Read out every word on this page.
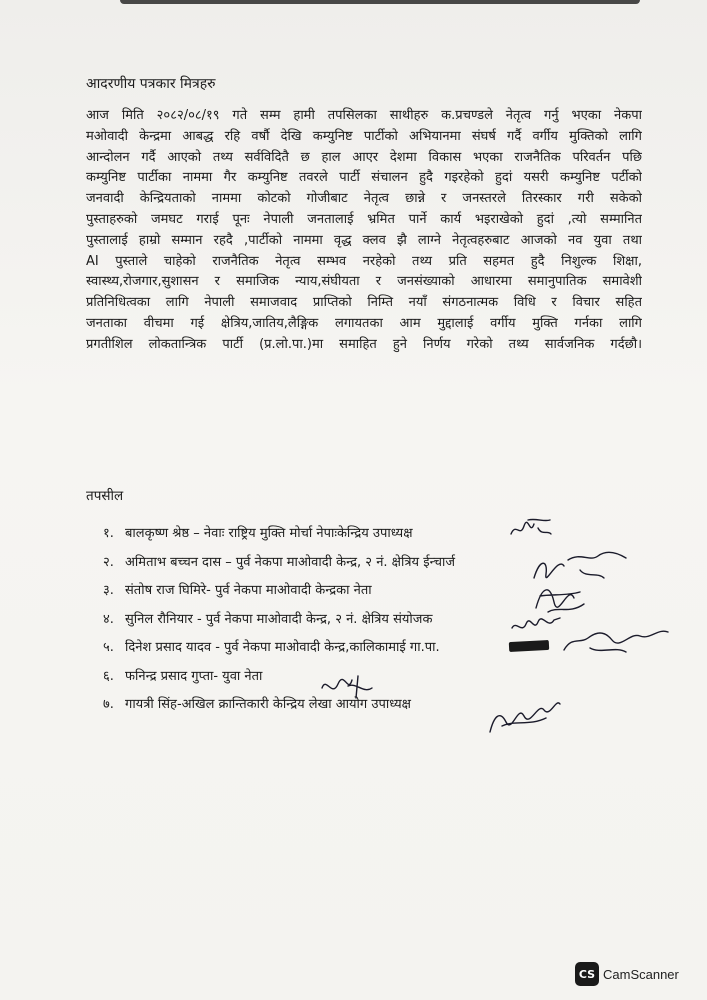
आदरणीय पत्रकार मित्रहरु
आज मिति २०८२/०८/१९ गते सम्म हामी तपसिलका साथीहरु क.प्रचण्डले नेतृत्व गर्नु भएका नेकपा
मओवादी केन्द्रमा आबद्ध रहि वर्षौ देखि कम्युनिष्ट पार्टीको अभियानमा संघर्ष गर्दै वर्गीय मुक्तिको लागि
आन्दोलन गर्दै आएको तथ्य सर्वविदितै छ हाल आएर देशमा विकास भएका राजनैतिक परिवर्तन पछि
कम्युनिष्ट पार्टीका नाममा गैर कम्युनिष्ट तवरले पार्टी संचालन हुदै गइरहेको हुदां यसरी कम्युनिष्ट पर्टीको
जनवादी केन्द्रियताको नाममा कोटको गोजीबाट नेतृत्व छान्ने र जनस्तरले तिरस्कार गरी सकेको
पुस्ताहरुको जमघट गराई पूनः नेपाली जनतालाई भ्रमित पार्ने कार्य भइराखेको हुदां ,त्यो सम्मानित
पुस्तालाई हाम्रो सम्मान रहदै ,पार्टीको नाममा वृद्ध क्लव झै लाग्ने नेतृत्वहरुबाट आजको नव युवा तथा
AI पुस्ताले चाहेको राजनैतिक नेतृत्व सम्भव नरहेको तथ्य प्रति सहमत हुदै निशुल्क शिक्षा,
स्वास्थ्य,रोजगार,सुशासन र समाजिक न्याय,संघीयता र जनसंख्याको आधारमा समानुपातिक समावेशी
प्रतिनिधित्वका लागि नेपाली समाजवाद प्राप्तिको निम्ति नयाँ संगठनात्मक विधि र विचार सहित
जनताका वीचमा गई क्षेत्रिय,जातिय,लैङ्गिक लगायतका आम मुद्दालाई वर्गीय मुक्ति गर्नका लागि
प्रगतीशिल लोकतान्त्रिक पार्टी (प्र.लो.पा.)मा समाहित हुने निर्णय गरेको तथ्य सार्वजनिक गर्दछौ।
तपसील
१. बालकृष्ण श्रेष्ठ – नेवाः राष्ट्रिय मुक्ति मोर्चा नेपाःकेन्द्रिय उपाध्यक्ष
२. अमिताभ बच्चन दास – पुर्व नेकपा माओवादी केन्द्र, २ नं. क्षेत्रिय ईन्चार्ज
३. संतोष राज घिमिरे- पुर्व नेकपा माओवादी केन्द्रका नेता
४. सुनिल रौनियार - पुर्व नेकपा माओवादी केन्द्र, २ नं. क्षेत्रिय संयोजक
५. दिनेश प्रसाद यादव - पुर्व नेकपा माओवादी केन्द्र,कालिकामाई गा.पा.
६. फनिन्द्र प्रसाद गुप्ता- युवा नेता
७. गायत्री सिंह-अखिल क्रान्तिकारी केन्द्रिय लेखा आयोग उपाध्यक्ष
CS CamScanner
